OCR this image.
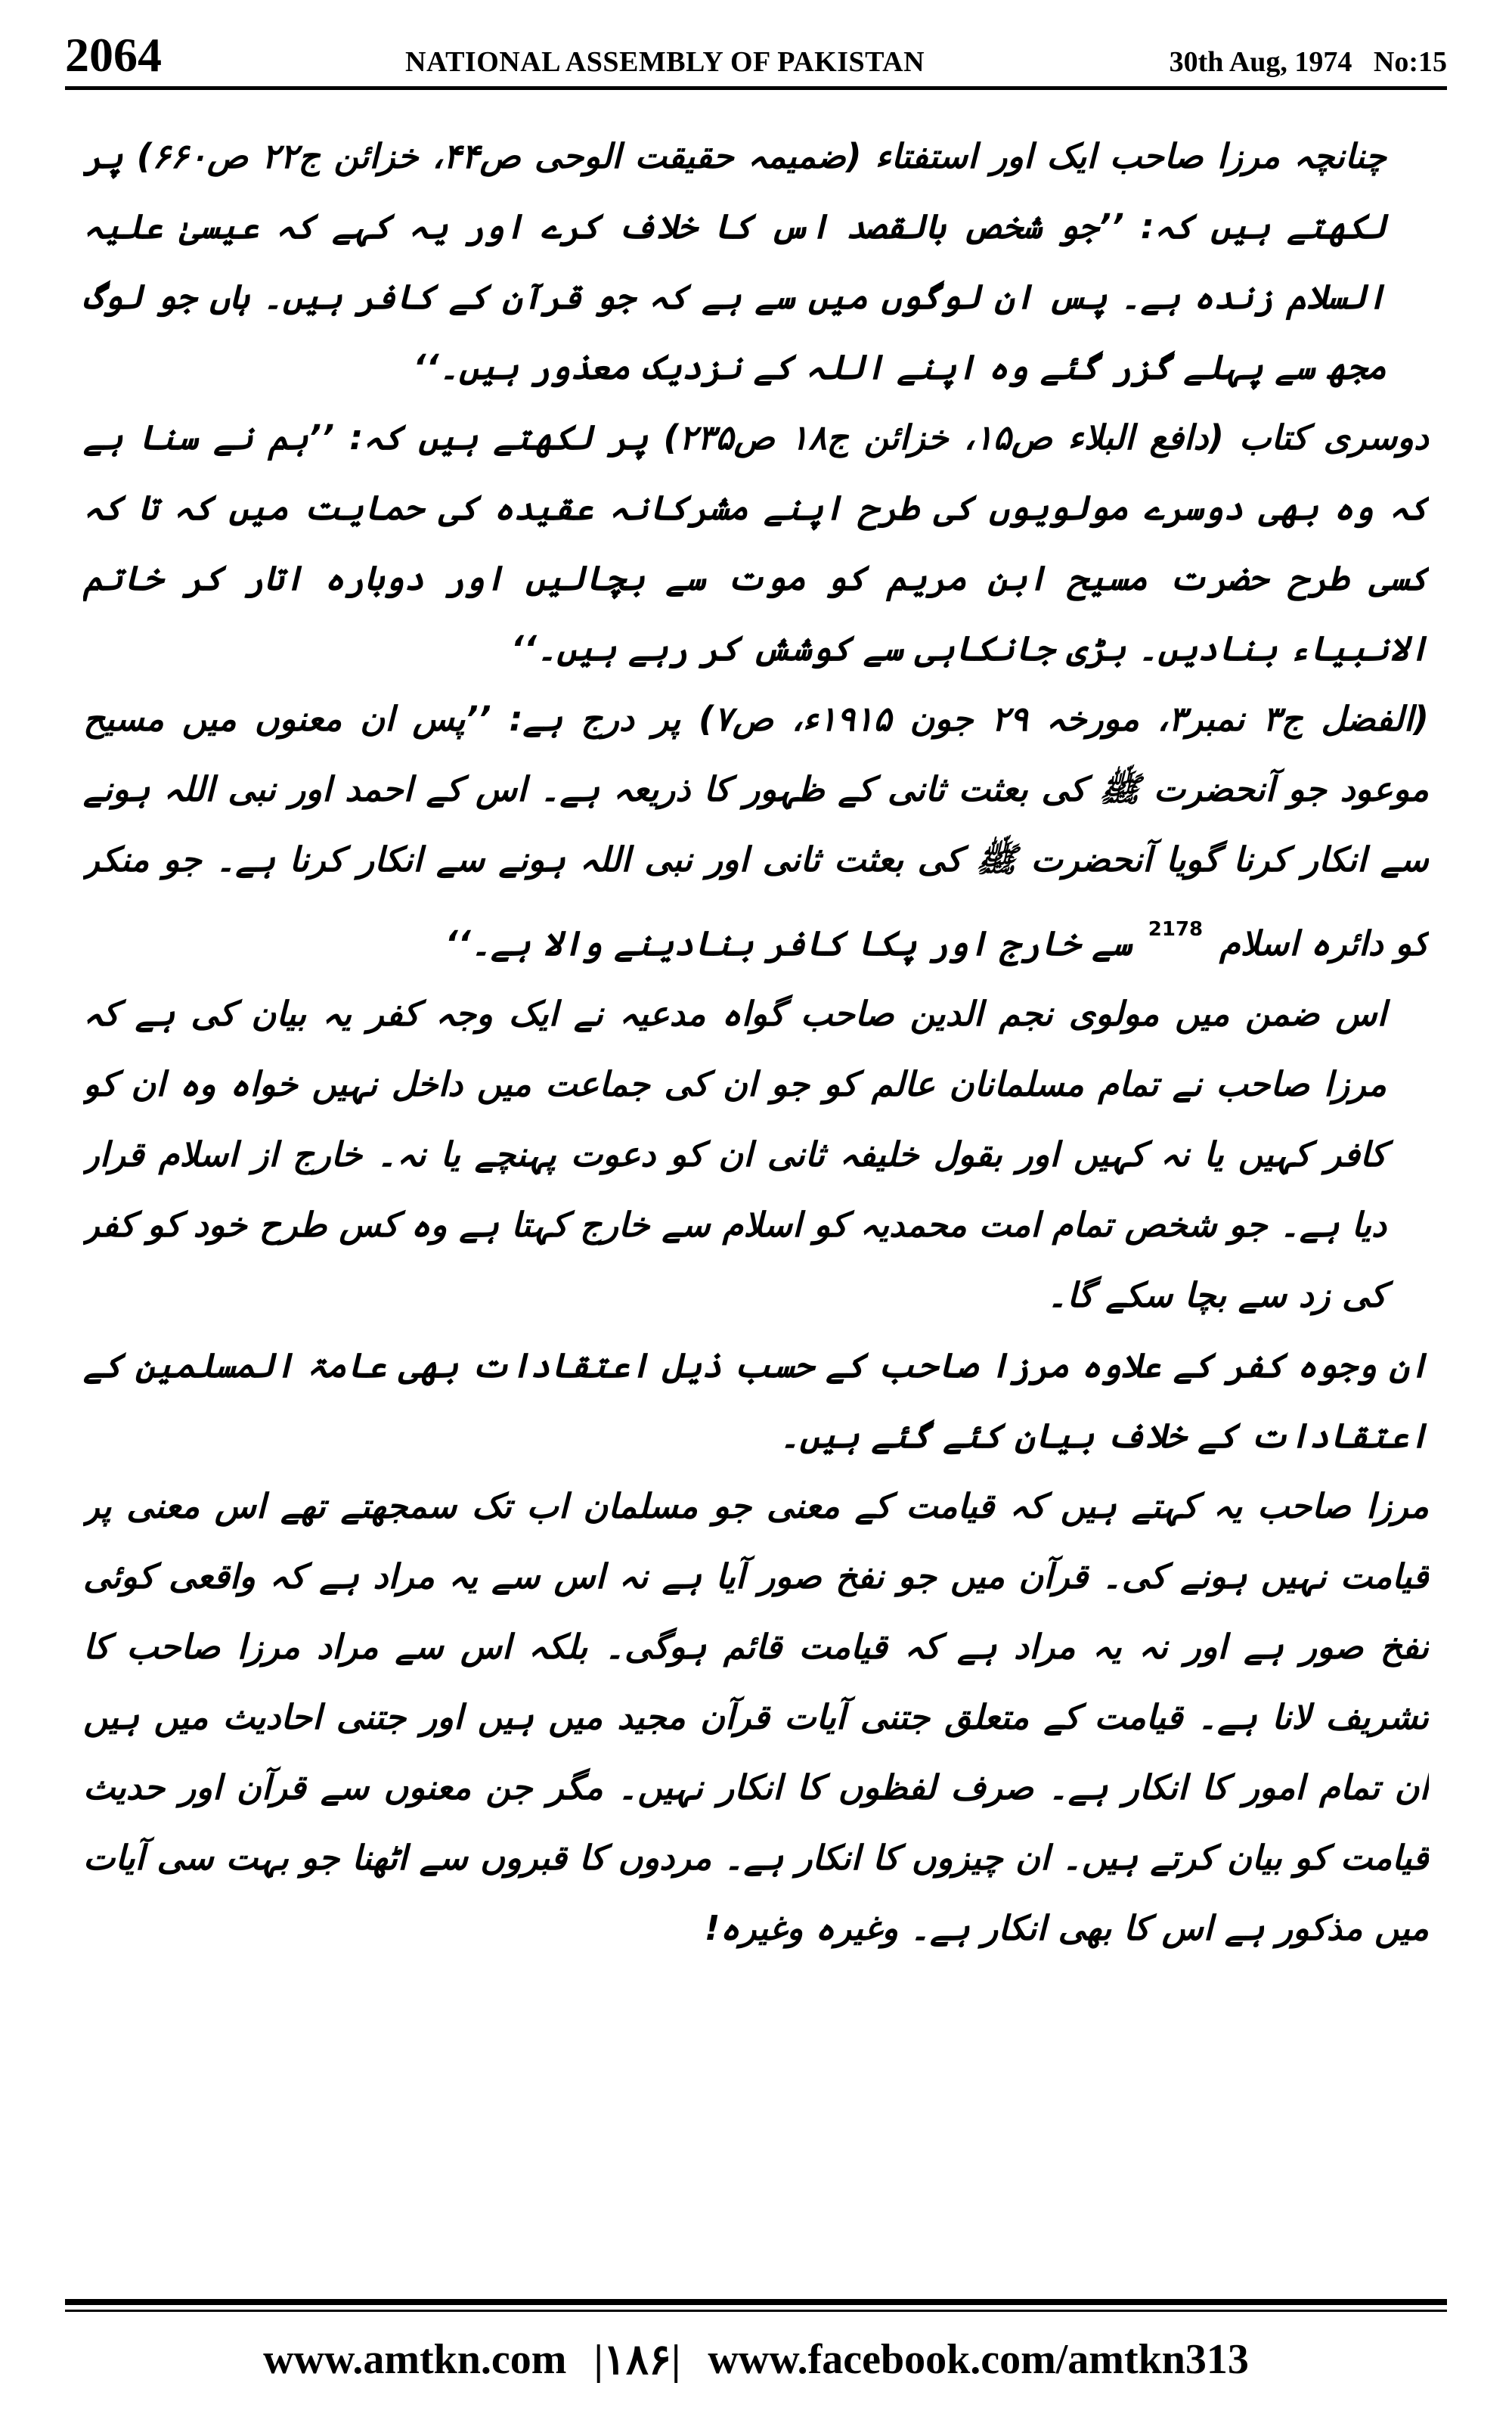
2064	NATIONAL ASSEMBLY OF PAKISTAN	30th Aug, 1974   No:15

چنانچہ مرزا صاحب ایک اور استفتاء (ضمیمہ حقیقت الوحی ص۴۴، خزائن ج۲۲ ص۶۶۰) پر لکھتے ہیں کہ: ’’جو شخص بالقصد اس کا خلاف کرے اور یہ کہے کہ عیسیٰ علیہ السلام زندہ ہے۔ پس ان لوگوں میں سے ہے کہ جو قرآن کے کافر ہیں۔ ہاں جو لوگ مجھ سے پہلے گزر گئے وہ اپنے اللہ کے نزدیک معذور ہیں۔‘‘

دوسری کتاب (دافع البلاء ص۱۵، خزائن ج۱۸ ص۲۳۵) پر لکھتے ہیں کہ: ’’ہم نے سنا ہے کہ وہ بھی دوسرے مولویوں کی طرح اپنے مشرکانہ عقیدہ کی حمایت میں کہ تا کہ کسی طرح حضرت مسیح ابن مریم کو موت سے بچالیں اور دوبارہ اتار کر خاتم الانبیاء بنادیں۔ بڑی جانکاہی سے کوشش کر رہے ہیں۔‘‘

(الفضل ج۳ نمبر۳، مورخہ ۲۹ جون ۱۹۱۵ء، ص۷) پر درج ہے: ’’پس ان معنوں میں مسیح موعود جو آنحضرت ﷺ کی بعثت ثانی کے ظہور کا ذریعہ ہے۔ اس کے احمد اور نبی اللہ ہونے سے انکار کرنا گویا آنحضرت ﷺ کی بعثت ثانی اور نبی اللہ ہونے سے انکار کرنا ہے۔ جو منکر کو دائرہ اسلام $^{2178}$ سے خارج اور پکا کافر بنادینے والا ہے۔‘‘

اس ضمن میں مولوی نجم الدین صاحب گواہ مدعیہ نے ایک وجہ کفر یہ بیان کی ہے کہ مرزا صاحب نے تمام مسلمانان عالم کو جو ان کی جماعت میں داخل نہیں خواہ وہ ان کو کافر کہیں یا نہ کہیں اور بقول خلیفہ ثانی ان کو دعوت پہنچے یا نہ۔ خارج از اسلام قرار دیا ہے۔ جو شخص تمام امت محمدیہ کو اسلام سے خارج کہتا ہے وہ کس طرح خود کو کفر کی زد سے بچا سکے گا۔

ان وجوہ کفر کے علاوہ مرزا صاحب کے حسب ذیل اعتقادات بھی عامۃ المسلمین کے اعتقادات کے خلاف بیان کئے گئے ہیں۔

مرزا صاحب یہ کہتے ہیں کہ قیامت کے معنی جو مسلمان اب تک سمجھتے تھے اس معنی پر قیامت نہیں ہونے کی۔ قرآن میں جو نفخ صور آیا ہے نہ اس سے یہ مراد ہے کہ واقعی کوئی نفخ صور ہے اور نہ یہ مراد ہے کہ قیامت قائم ہوگی۔ بلکہ اس سے مراد مرزا صاحب کا تشریف لانا ہے۔ قیامت کے متعلق جتنی آیات قرآن مجید میں ہیں اور جتنی احادیث میں ہیں ان تمام امور کا انکار ہے۔ صرف لفظوں کا انکار نہیں۔ مگر جن معنوں سے قرآن اور حدیث قیامت کو بیان کرتے ہیں۔ ان چیزوں کا انکار ہے۔ مردوں کا قبروں سے اٹھنا جو بہت سی آیات میں مذکور ہے اس کا بھی انکار ہے۔ وغیرہ وغیرہ!

www.amtkn.com |۱۸۶| www.facebook.com/amtkn313
